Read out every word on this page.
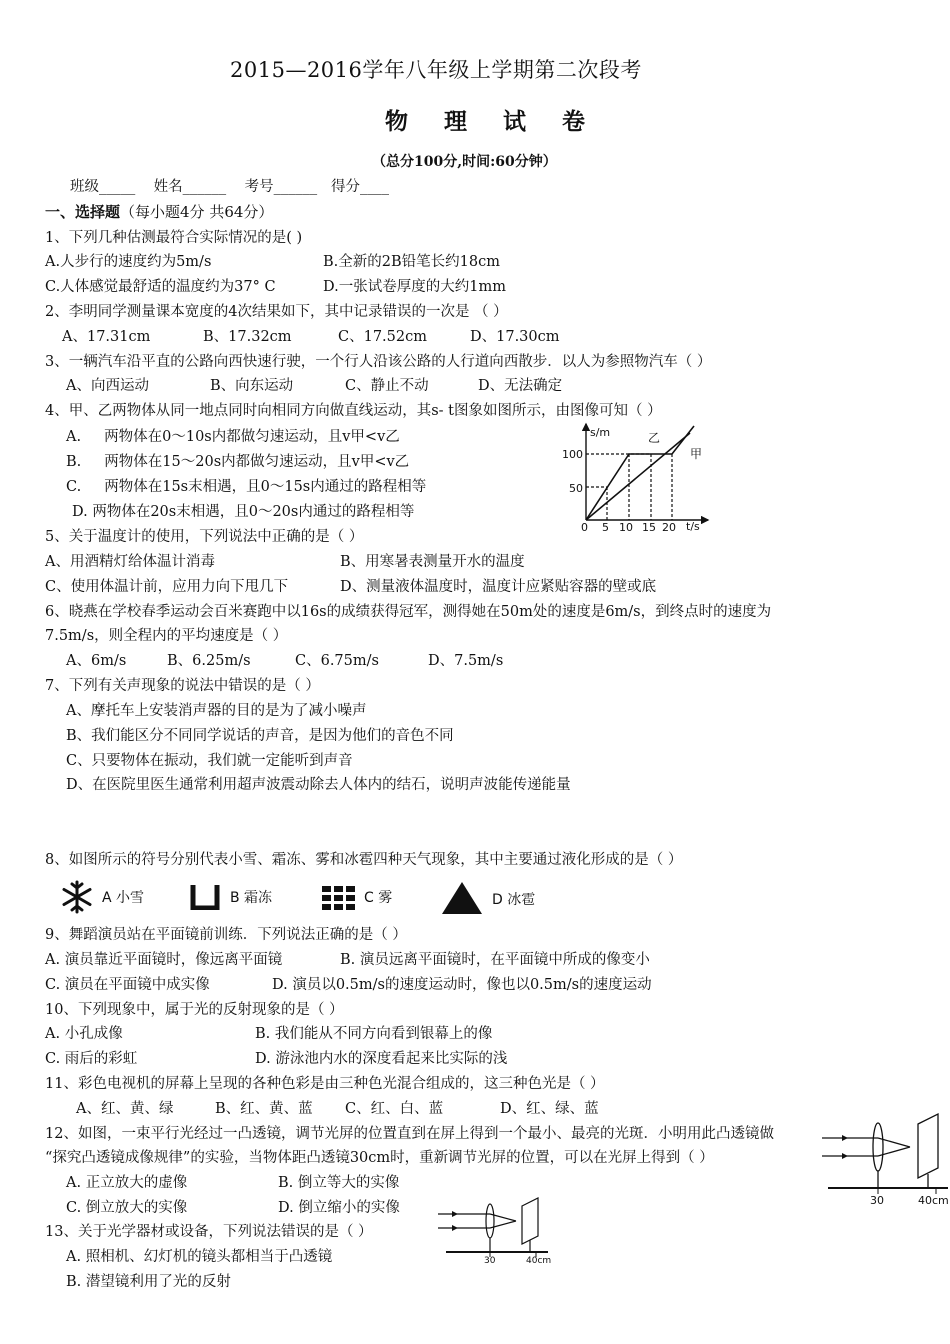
2015—2016学年八年级上学期第二次段考
物 理 试 卷
（总分100分,时间:60分钟）
班级_____    姓名______    考号______   得分____
一、选择题（每小题4分 共64分）
1、下列几种估测最符合实际情况的是( )
A.人步行的速度约为5m/s	B.全新的2B铅笔长约18cm
C.人体感觉最舒适的温度约为37° C	D.一张试卷厚度的大约1mm
2、李明同学测量课本宽度的4次结果如下，其中记录错误的一次是 （ ）
A、17.31cm	B、17.32cm	C、17.52cm	D、17.30cm
3、一辆汽车沿平直的公路向西快速行驶，一个行人沿该公路的人行道向西散步．以人为参照物汽车（ ）
A、向西运动	B、向东运动	C、静止不动	D、无法确定
4、甲、乙两物体从同一地点同时向相同方向做直线运动，其s- t图象如图所示，由图像可知（ ）
A.     两物体在0～10s内都做匀速运动，且v甲<v乙
B.     两物体在15～20s内都做匀速运动，且v甲<v乙
C.     两物体在15s末相遇，且0～15s内通过的路程相等
D. 两物体在20s末相遇，且0～20s内通过的路程相等
s/m
t/s
100
50
0 5 10 15 20
乙
甲
5、关于温度计的使用，下列说法中正确的是（ ）
A、用酒精灯给体温计消毒	B、用寒暑表测量开水的温度
C、使用体温计前，应用力向下甩几下	D、测量液体温度时，温度计应紧贴容器的壁或底
6、晓燕在学校春季运动会百米赛跑中以16s的成绩获得冠军，测得她在50m处的速度是6m/s，到终点时的速度为
7.5m/s，则全程内的平均速度是（ ）
A、6m/s	B、6.25m/s	C、6.75m/s	D、7.5m/s
7、下列有关声现象的说法中错误的是（ ）
A、摩托车上安装消声器的目的是为了减小噪声
B、我们能区分不同同学说话的声音，是因为他们的音色不同
C、只要物体在振动，我们就一定能听到声音
D、在医院里医生通常利用超声波震动除去人体内的结石，说明声波能传递能量
8、如图所示的符号分别代表小雪、霜冻、雾和冰雹四种天气现象，其中主要通过液化形成的是（ ）
A 小雪	B 霜冻	C 雾	D 冰雹
9、舞蹈演员站在平面镜前训练．下列说法正确的是（ ）
A. 演员靠近平面镜时，像远离平面镜	B. 演员远离平面镜时，在平面镜中所成的像变小
C. 演员在平面镜中成实像	D. 演员以0.5m/s的速度运动时，像也以0.5m/s的速度运动
10、下列现象中，属于光的反射现象的是（ ）
A. 小孔成像	B. 我们能从不同方向看到银幕上的像
C. 雨后的彩虹	D. 游泳池内水的深度看起来比实际的浅
11、彩色电视机的屏幕上呈现的各种色彩是由三种色光混合组成的，这三种色光是（ ）
A、红、黄、绿	B、红、黄、蓝 C、红、白、蓝	D、红、绿、蓝
12、如图，一束平行光经过一凸透镜，调节光屏的位置直到在屏上得到一个最小、最亮的光斑．小明用此凸透镜做
“探究凸透镜成像规律”的实验，当物体距凸透镜30cm时，重新调节光屏的位置，可以在光屏上得到（ ）
A. 正立放大的虚像	B. 倒立等大的实像
C. 倒立放大的实像	D. 倒立缩小的实像	30	40cm
13、关于光学器材或设备，下列说法错误的是（ ）
A. 照相机、幻灯机的镜头都相当于凸透镜
B. 潜望镜利用了光的反射
30	40cm
